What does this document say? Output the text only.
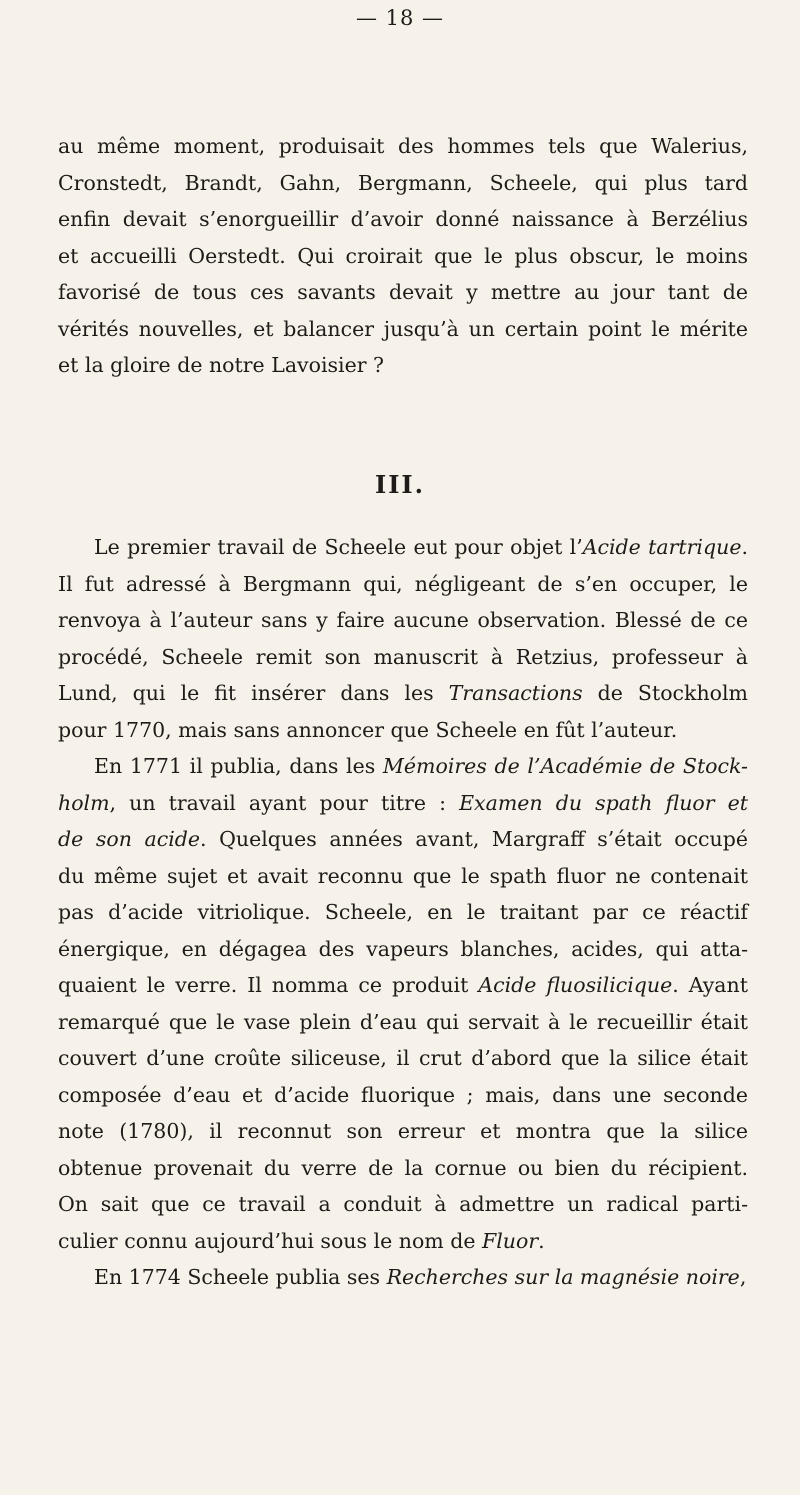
— 18 —
au même moment, produisait des hommes tels que Walerius,
Cronstedt, Brandt, Gahn, Bergmann, Scheele, qui plus tard
enfin devait s’enorgueillir d’avoir donné naissance à Berzélius
et accueilli Oerstedt. Qui croirait que le plus obscur, le moins
favorisé de tous ces savants devait y mettre au jour tant de
vérités nouvelles, et balancer jusqu’à un certain point le mérite
et la gloire de notre Lavoisier ?
III.
Le premier travail de Scheele eut pour objet l’Acide tartrique.
Il fut adressé à Bergmann qui, négligeant de s’en occuper, le
renvoya à l’auteur sans y faire aucune observation. Blessé de ce
procédé, Scheele remit son manuscrit à Retzius, professeur à
Lund, qui le fit insérer dans les Transactions de Stockholm
pour 1770, mais sans annoncer que Scheele en fût l’auteur.
En 1771 il publia, dans les Mémoires de l’Académie de Stock-
holm, un travail ayant pour titre : Examen du spath fluor et
de son acide. Quelques années avant, Margraff s’était occupé
du même sujet et avait reconnu que le spath fluor ne contenait
pas d’acide vitriolique. Scheele, en le traitant par ce réactif
énergique, en dégagea des vapeurs blanches, acides, qui atta-
quaient le verre. Il nomma ce produit Acide fluosilicique. Ayant
remarqué que le vase plein d’eau qui servait à le recueillir était
couvert d’une croûte siliceuse, il crut d’abord que la silice était
composée d’eau et d’acide fluorique ; mais, dans une seconde
note (1780), il reconnut son erreur et montra que la silice
obtenue provenait du verre de la cornue ou bien du récipient.
On sait que ce travail a conduit à admettre un radical parti-
culier connu aujourd’hui sous le nom de Fluor.
En 1774 Scheele publia ses Recherches sur la magnésie noire,
